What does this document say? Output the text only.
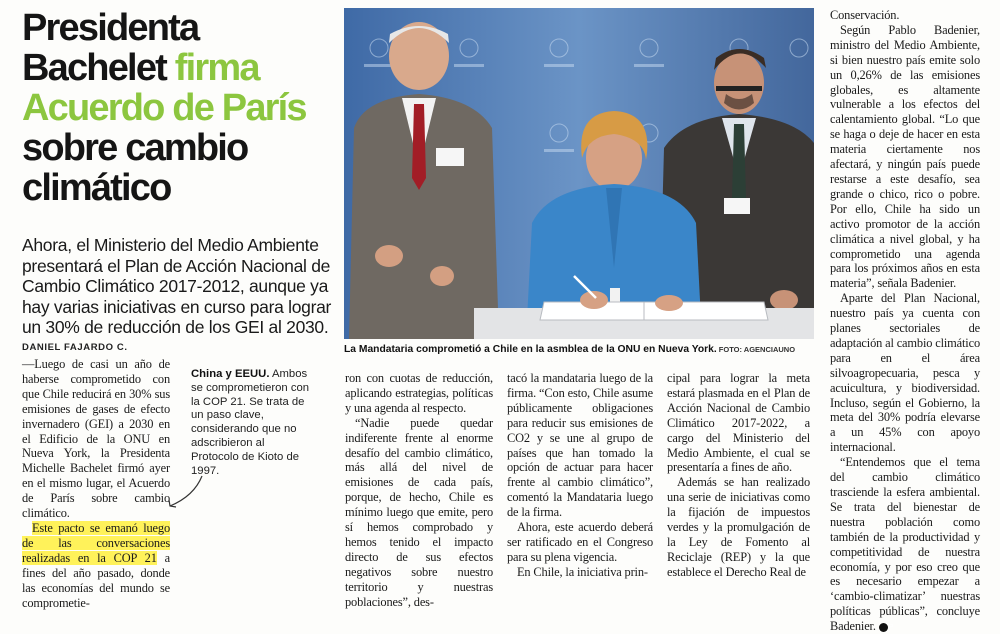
Presidenta
Bachelet firma
Acuerdo de París
sobre cambio
climático
Ahora, el Ministerio del Medio Ambiente presentará el Plan de Acción Nacional de Cambio Climático 2017-2012, aunque ya hay varias iniciativas en curso para lograr un 30% de reducción de los GEI al 2030.
DANIEL FAJARDO C.

—Luego de casi un año de haberse comprometido con que Chile reducirá en 30% sus emisiones de gases de efecto invernadero (GEI) a 2030 en el Edificio de la ONU en Nueva York, la Presidenta Michelle Bachelet firmó ayer en el mismo lugar, el Acuerdo de París sobre cambio climático.

Este pacto se emanó luego de las conversaciones realizadas en la COP 21 a fines del año pasado, donde las economías del mundo se comprometie-

China y EEUU. Ambos se comprometieron con la COP 21. Se trata de un paso clave, considerando que no adscribieron al Protocolo de Kioto de 1997.
La Mandataria comprometió a Chile en la asmblea de la ONU en Nueva York. FOTO: AGENCIAUNO

ron con cuotas de reducción, aplicando estrategias, políticas y una agenda al respecto.

“Nadie puede quedar indiferente frente al enorme desafío del cambio climático, más allá del nivel de emisiones de cada país, porque, de hecho, Chile es mínimo luego que emite, pero sí hemos comprobado y hemos tenido el impacto directo de sus efectos negativos sobre nuestro territorio y nuestras poblaciones”, des-

tacó la mandataria luego de la firma. “Con esto, Chile asume públicamente obligaciones para reducir sus emisiones de CO2 y se une al grupo de países que han tomado la opción de actuar para hacer frente al cambio climático”, comentó la Mandataria luego de la firma.

Ahora, este acuerdo deberá ser ratificado en el Congreso para su plena vigencia.

En Chile, la iniciativa prin-

cipal para lograr la meta estará plasmada en el Plan de Acción Nacional de Cambio Climático 2017-2022, a cargo del Ministerio del Medio Ambiente, el cual se presentaría a fines de año.

Además se han realizado una serie de iniciativas como la fijación de impuestos verdes y la promulgación de la Ley de Fomento al Reciclaje (REP) y la que establece el Derecho Real de

Conservación.

Según Pablo Badenier, ministro del Medio Ambiente, si bien nuestro país emite solo un 0,26% de las emisiones globales, es altamente vulnerable a los efectos del calentamiento global. “Lo que se haga o deje de hacer en esta materia ciertamente nos afectará, y ningún país puede restarse a este desafío, sea grande o chico, rico o pobre. Por ello, Chile ha sido un activo promotor de la acción climática a nivel global, y ha comprometido una agenda para los próximos años en esta materia”, señala Badenier.

Aparte del Plan Nacional, nuestro país ya cuenta con planes sectoriales de adaptación al cambio climático para en el área silvoagropecuaria, pesca y acuicultura, y biodiversidad. Incluso, según el Gobierno, la meta del 30% podría elevarse a un 45% con apoyo internacional.

“Entendemos que el tema del cambio climático trasciende la esfera ambiental. Se trata del bienestar de nuestra población como también de la productividad y competitividad de nuestra economía, y por eso creo que es necesario empezar a ‘cambio-climatizar’ nuestras políticas públicas”, concluye Badenier. P
